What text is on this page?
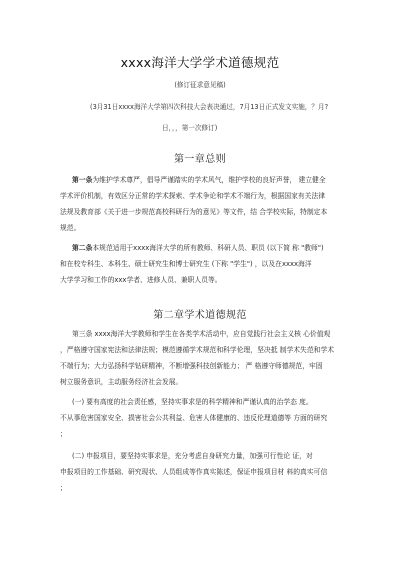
xxxx海洋大学学术道德规范
(修订征求意见稿)
(3月31日xxxx海洋大学第四次科技大会表决通过，7月13日正式发文实施，？月?
日，，，第一次修订)
第一章总则
第一条为维护学术尊严，倡导严谨踏实的学术风气，维护学校的良好声誉， 建立健全
学术评价机制，有效区分正常的学术探索、学术争论和学术不端行为，根据国家有关法律
法规及教育部《关于进一步规范高校科研行为的意见》等文件，结 合学校实际，特制定本
规范。
第二条本规范适用于xxxx海洋大学的所有教师、科研人员、职员 (以下简 称 "教师")
和在校专科生、本科生、硕士研究生和博士研究生 (下称 "学生") ，以及在xxxx海洋
大学学习和工作的xxx学者、进修人员、兼职人员等。
第二章学术道德规范
第三条 xxxx海洋大学教师和学生在各类学术活动中，应自觉践行社会主义核 心价值观
，严格遵守国家宪法和法律法规；模范遵循学术规范和科学伦理，坚决抵 制学术失范和学术
不端行为；大力弘扬科学钻研精神，不断增强科技创新能力； 严 格遵守师德规范，牢固
树立服务意识，主动服务经济社会发展。
(一) 要有高度的社会责任感，坚持实事求是的科学精神和严谨认真的治学态 度。
不从事危害国家安全、损害社会公共利益、危害人体健康的、违反伦理道德等 方面的研究
；
(二) 申报项目，要坚持实事求是，充分考虑自身研究力量，加强可行性论 证，对
申报项目的工作基础、研究现状、人员组成等作真实陈述，保证申报项目材 料的真实可信
；
